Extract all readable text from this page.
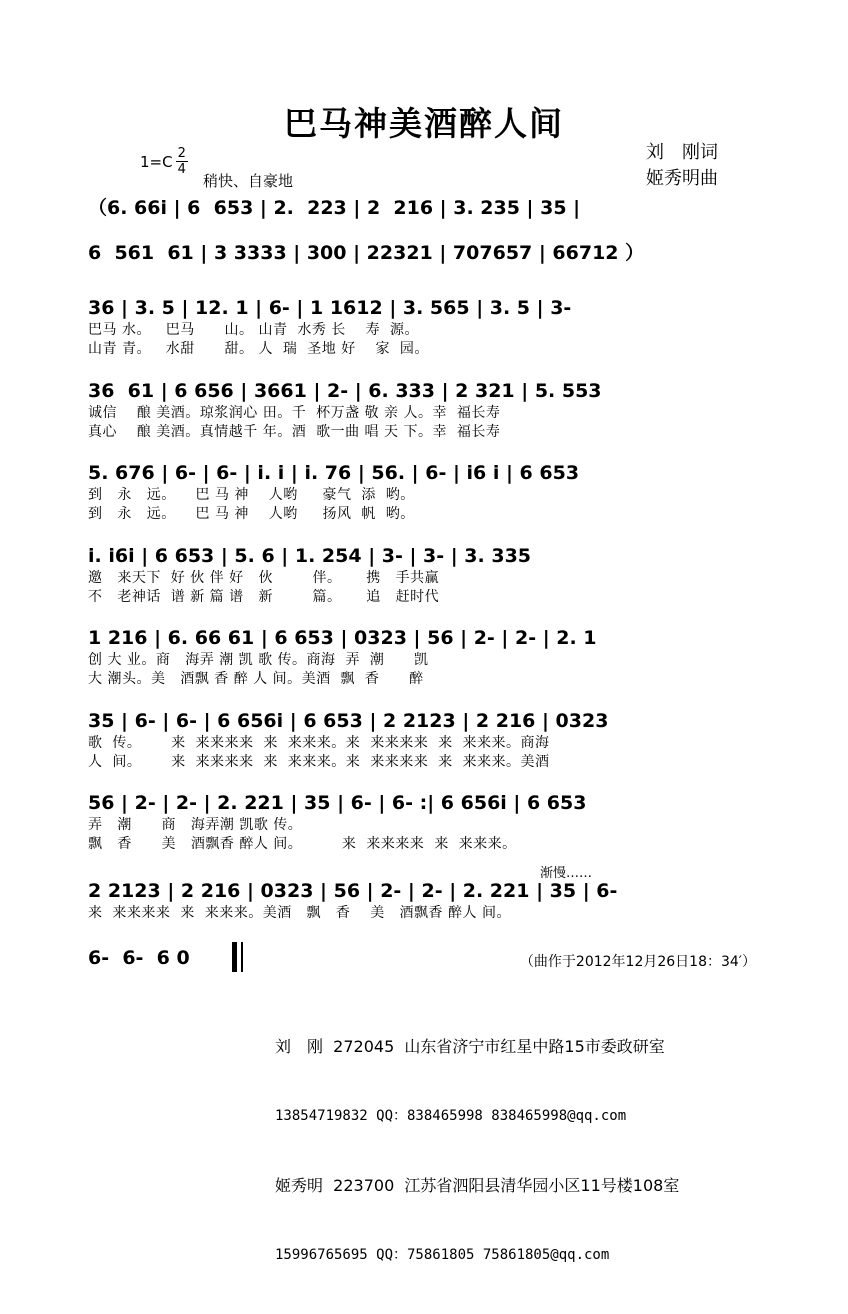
巴马神美酒醉人间
$1=C \frac{2}{4}$
稍快、自豪地
刘　刚词
姬秀明曲
（6. 66i | 6  653 | 2.  223 | 2  216 | 3. 235 | 35 |
6  561  61 | 3 3333 | 300 | 22321 | 707657 | 66712 ）
36 | 3. 5 | 12. 1 | 6- | 1 1612 | 3. 565 | 3. 5 | 3-
巴马 水。   巴马      山。 山青  水秀 长    寿  源。
山青 青。   水甜      甜。 人  瑞  圣地 好    家  园。
36  61 | 6 656 | 3661 | 2- | 6. 333 | 2 321 | 5. 553
诚信    酿 美酒。琼浆润心 田。千  杯万盏 敬 亲 人。幸  福长寿
真心    酿 美酒。真情越千 年。酒  歌一曲 唱 天 下。幸  福长寿
5. 676 | 6- | 6- | i. i | i. 76 | 56. | 6- | i6 i | 6 653
到   永   远。    巴 马 神    人哟     豪气  添  哟。
到   永   远。    巴 马 神    人哟     扬风  帆  哟。
i. i6i | 6 653 | 5. 6 | 1. 254 | 3- | 3- | 3. 335
邀   来天下  好 伙 伴 好   伙        伴。     携   手共赢
不   老神话  谱 新 篇 谱   新        篇。     追   赶时代
1 216 | 6. 66 61 | 6 653 | 0323 | 56 | 2- | 2- | 2. 1
创 大 业。商   海弄 潮 凯 歌 传。商海  弄  潮      凯
大 潮头。美   酒飘 香 醉 人 间。美酒  飘  香      醉
35 | 6- | 6- | 6 656i | 6 653 | 2 2123 | 2 216 | 0323
歌  传。      来  来来来来  来  来来来。来  来来来来  来  来来来。商海
人  间。      来  来来来来  来  来来来。来  来来来来  来  来来来。美酒
56 | 2- | 2- | 2. 221 | 35 | 6- | 6- :| 6 656i | 6 653
弄   潮      商   海弄潮 凯歌 传。
飘   香      美   酒飘香 醉人 间。        来  来来来来  来  来来来。
渐慢……
2 2123 | 2 216 | 0323 | 56 | 2- | 2- | 2. 221 | 35 | 6-
来  来来来来  来  来来来。美酒   飘   香    美   酒飘香 醉人 间。
6-  6-  6 0	（曲作于2012年12月26日18：34′）

刘　刚  272045  山东省济宁市红星中路15市委政研室

13854719832 QQ：838465998 838465998@qq.com

姬秀明  223700  江苏省泗阳县清华园小区11号楼108室

15996765695 QQ：75861805 75861805@qq.com
